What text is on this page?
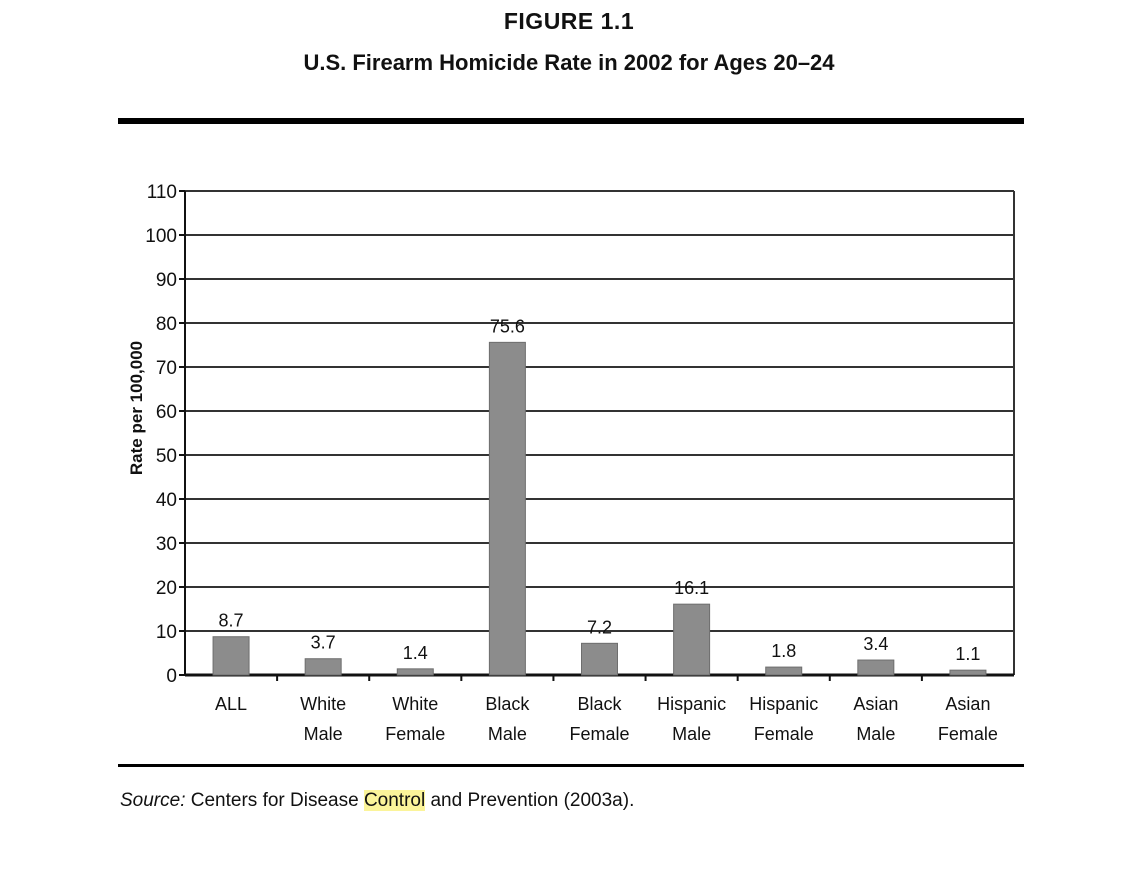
FIGURE 1.1
U.S. Firearm Homicide Rate in 2002 for Ages 20–24
0
10
20
30
40
50
60
70
80
90
100
110
8.7
ALL
3.7
White
Male
1.4
White
Female
75.6
Black
Male
7.2
Black
Female
16.1
Hispanic
Male
1.8
Hispanic
Female
3.4
Asian
Male
1.1
Asian
Female
Rate per 100,000
Source: Centers for Disease Control and Prevention (2003a).
